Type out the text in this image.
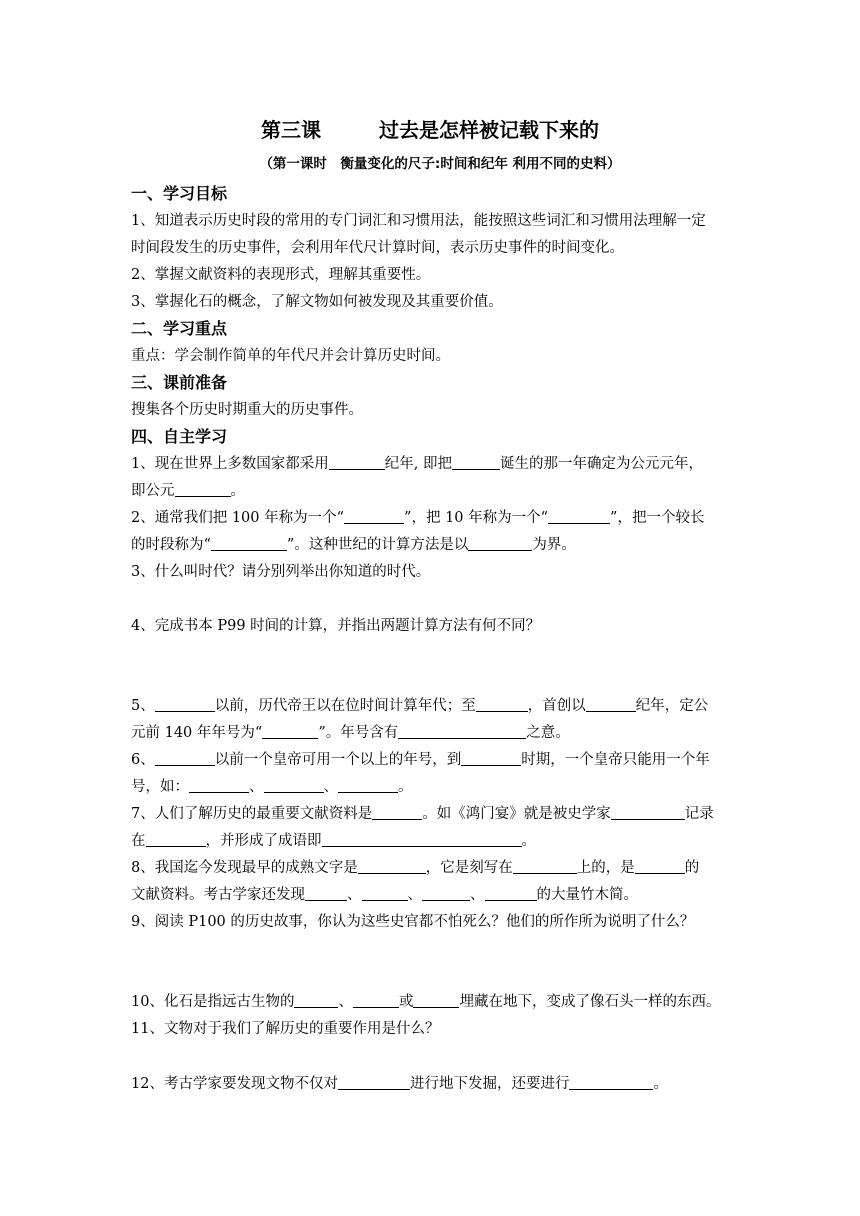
第三课	过去是怎样被记载下来的
（第一课时　衡量变化的尺子:时间和纪年 利用不同的史料）
一、学习目标
1、知道表示历史时段的常用的专门词汇和习惯用法，能按照这些词汇和习惯用法理解一定
时间段发生的历史事件，会利用年代尺计算时间，表示历史事件的时间变化。
2、掌握文献资料的表现形式，理解其重要性。
3、掌握化石的概念，了解文物如何被发现及其重要价值。
二、学习重点
重点：学会制作简单的年代尺并会计算历史时间。
三、课前准备
搜集各个历史时期重大的历史事件。
四、自主学习
1、现在世界上多数国家都采用	纪年, 即把	诞生的那一年确定为公元元年，
即公元	。
2、通常我们把 100 年称为一个“	”，把 10 年称为一个“	”，把一个较长
的时段称为“	”。这种世纪的计算方法是以	为界。
3、什么叫时代？请分别列举出你知道的时代。
4、完成书本 P99 时间的计算，并指出两题计算方法有何不同？
5、	以前，历代帝王以在位时间计算年代；至	，首创以	纪年，定公
元前 140 年年号为“	”。年号含有	之意。
6、	以前一个皇帝可用一个以上的年号，到	时期，一个皇帝只能用一个年
号，如：	、	、	。
7、人们了解历史的最重要文献资料是	。如《鸿门宴》就是被史学家	记录
在	，并形成了成语即	。
8、我国迄今发现最早的成熟文字是	，它是刻写在	上的，是	的
文献资料。考古学家还发现	、	、	、	的大量竹木简。
9、阅读 P100 的历史故事，你认为这些史官都不怕死么？他们的所作所为说明了什么？
10、化石是指远古生物的	、	或	埋藏在地下，变成了像石头一样的东西。
11、文物对于我们了解历史的重要作用是什么？
12、考古学家要发现文物不仅对	进行地下发掘，还要进行	。
